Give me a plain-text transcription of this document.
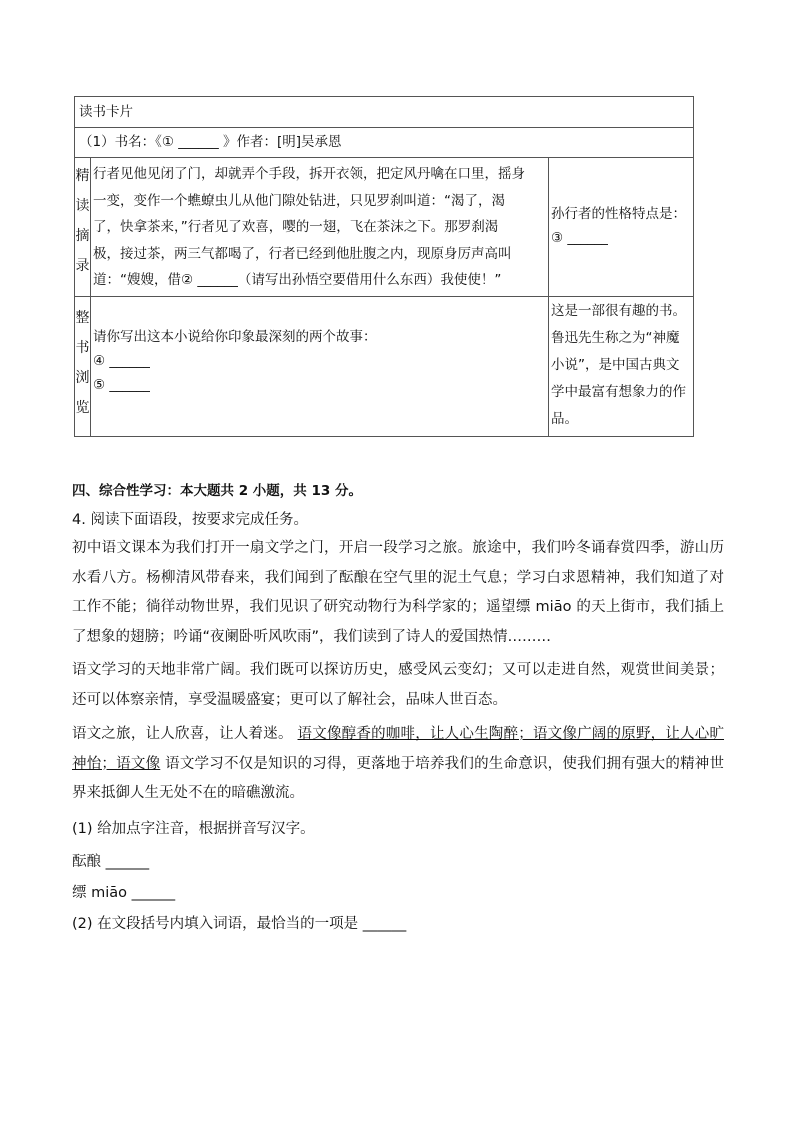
读书卡片
（1）书名：《① ______ 》作者：[明]吴承恩
精
读
摘
录
行者见他见闭了门，却就弄个手段，拆开衣领，把定风丹噙在口里，摇身
一变，变作一个蟭蟟虫儿从他门隙处钻进，只见罗刹叫道：“渴了，渴
了，快拿茶来，”行者见了欢喜，嘤的一翅，飞在茶沫之下。那罗刹渴
极，接过茶，两三气都喝了，行者已经到他肚腹之内，现原身厉声高叫
道：“嫂嫂，借② ______（请写出孙悟空要借用什么东西）我使使！”
孙行者的性格特点是：
③ ______
整
书
浏
览
请你写出这本小说给你印象最深刻的两个故事：
④ ______
⑤ ______
这是一部很有趣的书。
鲁迅先生称之为“神魔
小说”，是中国古典文
学中最富有想象力的作
品。
四、综合性学习：本大题共 2 小题，共 13 分。
4. 阅读下面语段，按要求完成任务。
初中语文课本为我们打开一扇文学之门，开启一段学习之旅。旅途中，我们吟冬诵春赏四季，游山历水看八方。杨柳清风带春来，我们闻到了酝酿在空气里的泥土气息；学习白求恩精神，我们知道了对工作不能；徜徉动物世界，我们见识了研究动物行为科学家的；遥望缥 miāo 的天上街市，我们插上了想象的翅膀；吟诵“夜阑卧听风吹雨”，我们读到了诗人的爱国热情………
语文学习的天地非常广阔。我们既可以探访历史，感受风云变幻；又可以走进自然，观赏世间美景；还可以体察亲情，享受温暖盛宴；更可以了解社会，品味人世百态。
语文之旅，让人欣喜，让人着迷。 语文像醇香的咖啡，让人心生陶醉；语文像广阔的原野，让人心旷神怡；语文像 语文学习不仅是知识的习得，更落地于培养我们的生命意识，使我们拥有强大的精神世界来抵御人生无处不在的暗礁激流。
(1) 给加点字注音，根据拼音写汉字。
酝酿 ______
缥 miāo ______
(2) 在文段括号内填入词语，最恰当的一项是 ______
